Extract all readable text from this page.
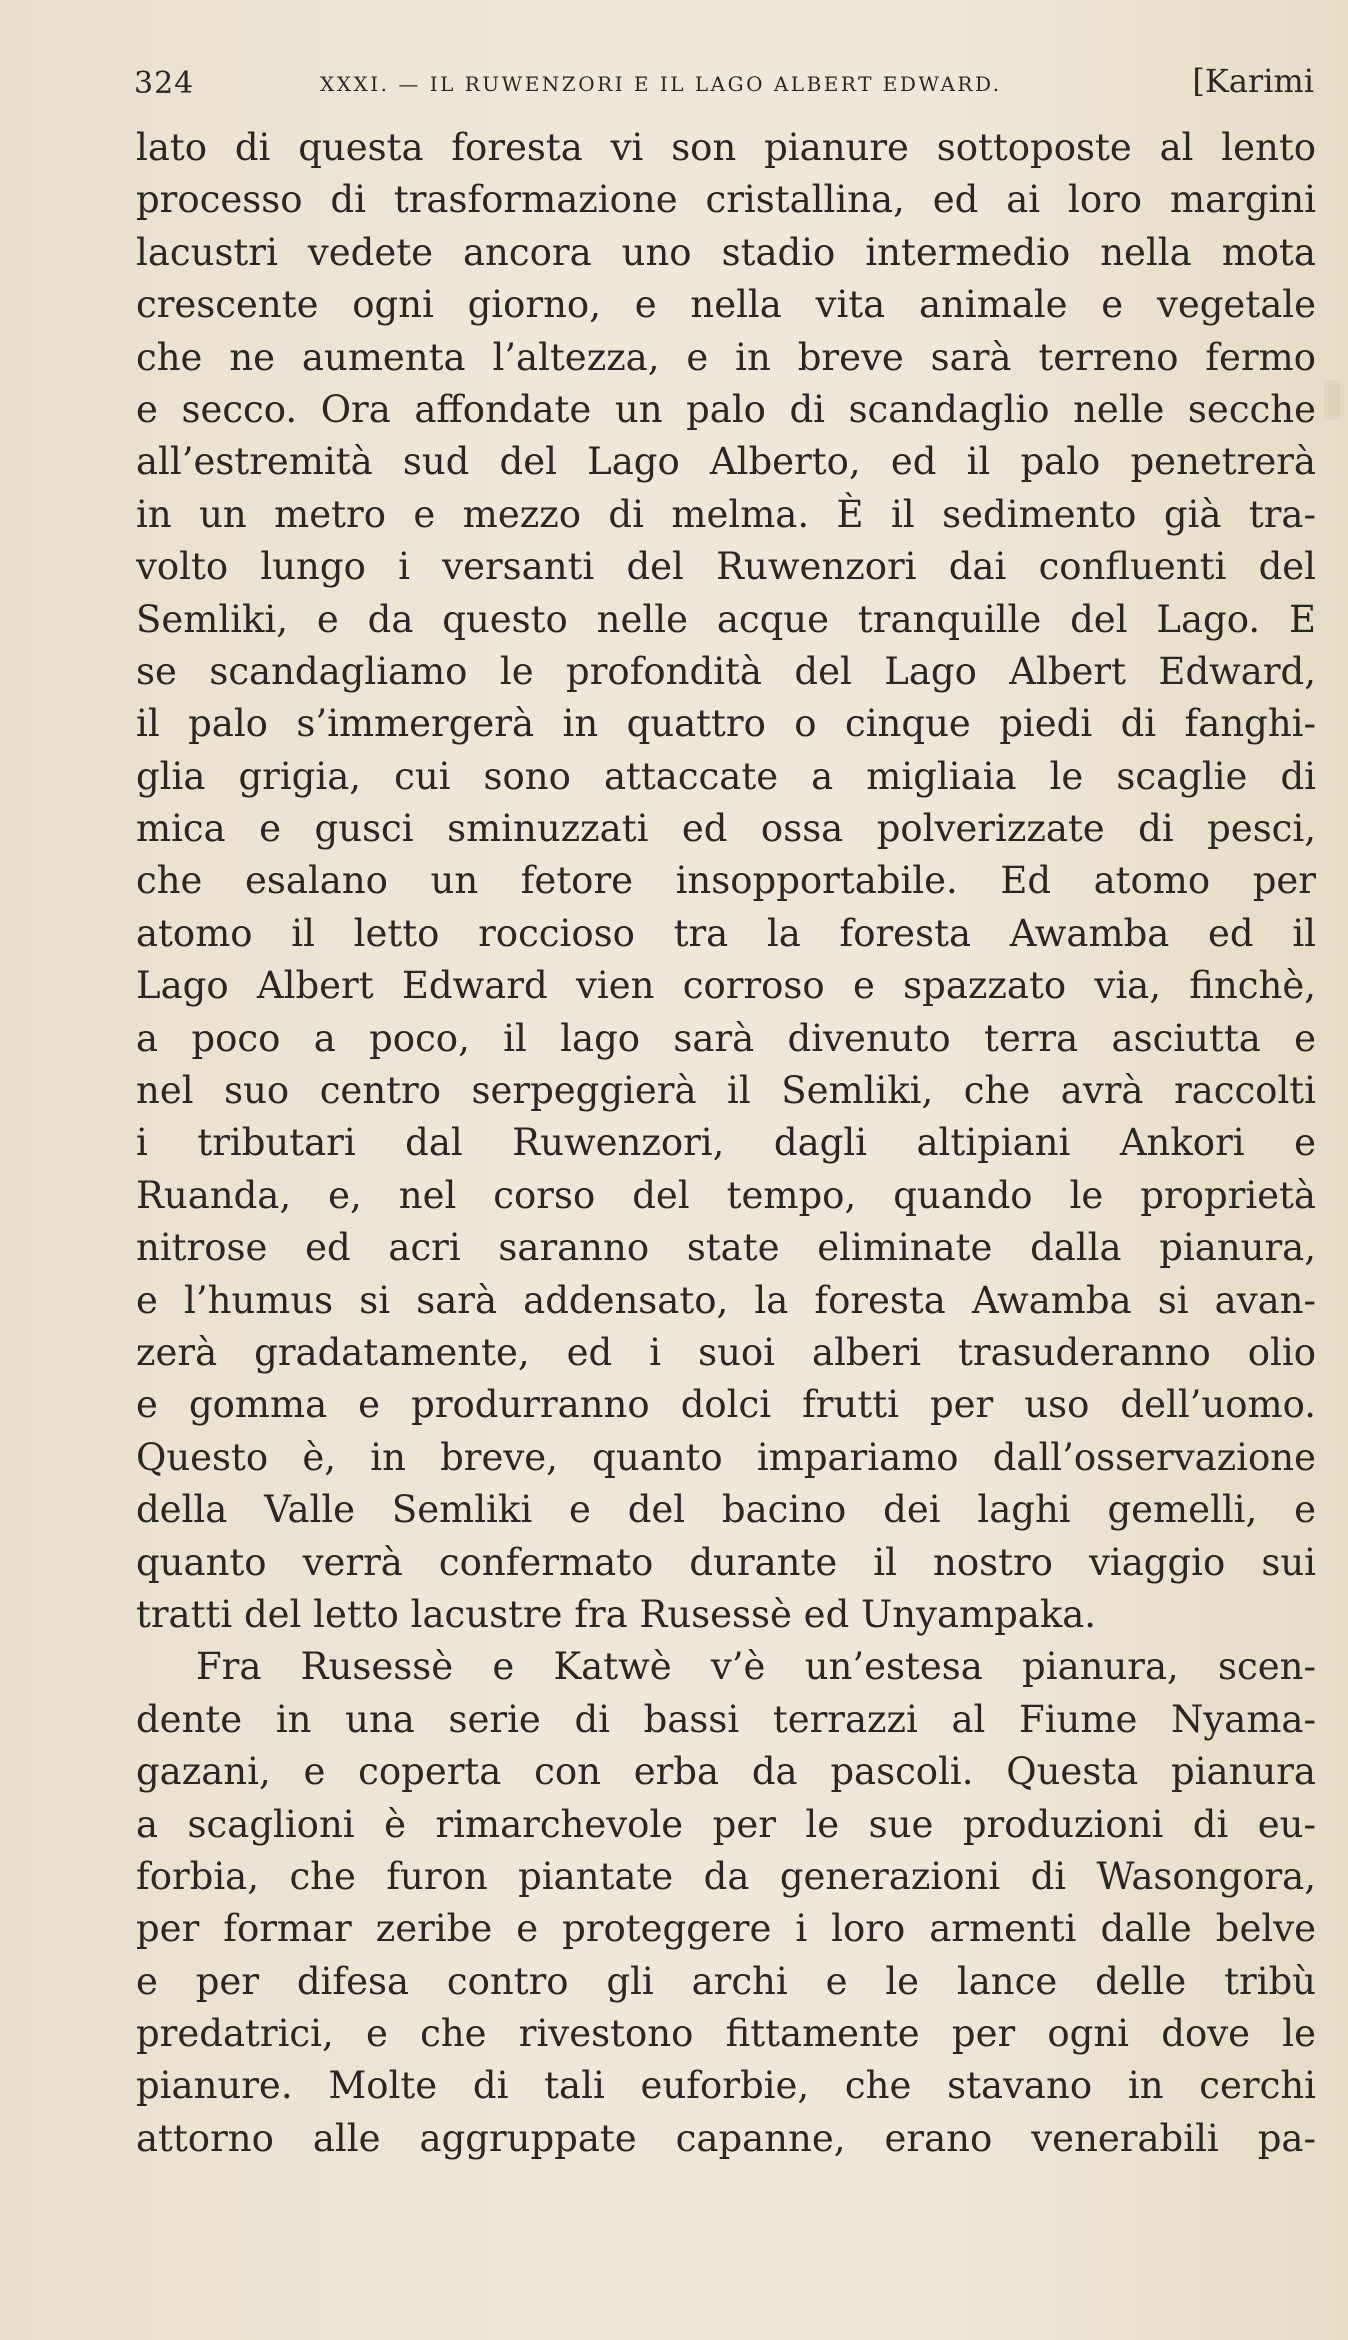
324	XXXI. — IL RUWENZORI E IL LAGO ALBERT EDWARD.	[Karimi
lato di questa foresta vi son pianure sottoposte al lento
processo di trasformazione cristallina, ed ai loro margini
lacustri vedete ancora uno stadio intermedio nella mota
crescente ogni giorno, e nella vita animale e vegetale
che ne aumenta l’altezza, e in breve sarà terreno fermo
e secco. Ora affondate un palo di scandaglio nelle secche
all’estremità sud del Lago Alberto, ed il palo penetrerà
in un metro e mezzo di melma. È il sedimento già tra-
volto lungo i versanti del Ruwenzori dai confluenti del
Semliki, e da questo nelle acque tranquille del Lago. E
se scandagliamo le profondità del Lago Albert Edward,
il palo s’immergerà in quattro o cinque piedi di fanghi-
glia grigia, cui sono attaccate a migliaia le scaglie di
mica e gusci sminuzzati ed ossa polverizzate di pesci,
che esalano un fetore insopportabile. Ed atomo per
atomo il letto roccioso tra la foresta Awamba ed il
Lago Albert Edward vien corroso e spazzato via, finchè,
a poco a poco, il lago sarà divenuto terra asciutta e
nel suo centro serpeggierà il Semliki, che avrà raccolti
i tributari dal Ruwenzori, dagli altipiani Ankori e
Ruanda, e, nel corso del tempo, quando le proprietà
nitrose ed acri saranno state eliminate dalla pianura,
e l’humus si sarà addensato, la foresta Awamba si avan-
zerà gradatamente, ed i suoi alberi trasuderanno olio
e gomma e produrranno dolci frutti per uso dell’uomo.
Questo è, in breve, quanto impariamo dall’osservazione
della Valle Semliki e del bacino dei laghi gemelli, e
quanto verrà confermato durante il nostro viaggio sui
tratti del letto lacustre fra Rusessè ed Unyampaka.
Fra Rusessè e Katwè v’è un’estesa pianura, scen-
dente in una serie di bassi terrazzi al Fiume Nyama-
gazani, e coperta con erba da pascoli. Questa pianura
a scaglioni è rimarchevole per le sue produzioni di eu-
forbia, che furon piantate da generazioni di Wasongora,
per formar zeribe e proteggere i loro armenti dalle belve
e per difesa contro gli archi e le lance delle tribù
predatrici, e che rivestono fittamente per ogni dove le
pianure. Molte di tali euforbie, che stavano in cerchi
attorno alle aggruppate capanne, erano venerabili pa-
